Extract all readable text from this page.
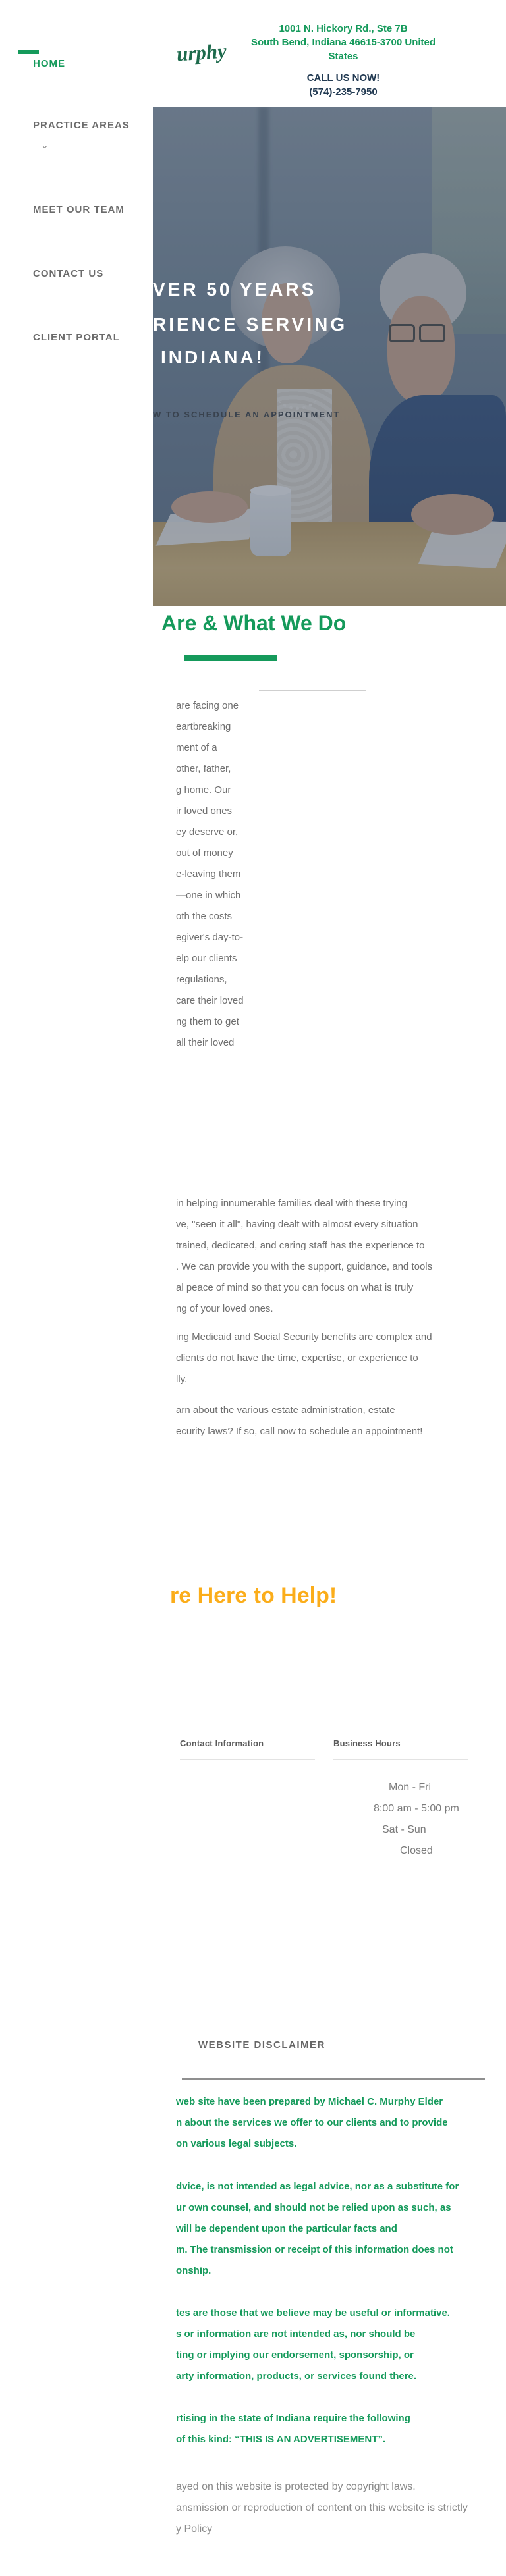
HOME
PRACTICE AREAS
⌄
MEET OUR TEAM
CONTACT US
CLIENT PORTAL
urphy
1001 N. Hickory Rd., Ste 7B
South Bend, Indiana 46615-3700 United
States
CALL US NOW!
(574)-235-7950
VER 50 YEARS
RIENCE SERVING
INDIANA!
W TO SCHEDULE AN APPOINTMENT
Are & What We Do
are facing one
eartbreaking
ment of a
other, father,
g home. Our
ir loved ones
ey deserve or,
out of money
e-leaving them
—one in which
oth the costs
egiver's day-to-
elp our clients
regulations,
care their loved
ng them to get
all their loved
in helping innumerable families deal with these trying
ve, "seen it all", having dealt with almost every situation
trained, dedicated, and caring staff has the experience to
. We can provide you with the support, guidance, and tools
al peace of mind so that you can focus on what is truly
ng of your loved ones.
ing Medicaid and Social Security benefits are complex and
clients do not have the time, expertise, or experience to
lly.
arn about the various estate administration, estate
ecurity laws? If so, call now to schedule an appointment!
re Here to Help!
Contact Information	Business Hours
Mon - Fri
8:00 am - 5:00 pm
Sat - Sun
Closed
WEBSITE DISCLAIMER
web site have been prepared by Michael C. Murphy Elder
n about the services we offer to our clients and to provide
on various legal subjects.
dvice, is not intended as legal advice, nor as a substitute for
ur own counsel, and should not be relied upon as such, as
will be dependent upon the particular facts and
m. The transmission or receipt of this information does not
onship.
tes are those that we believe may be useful or informative.
s or information are not intended as, nor should be
ting or implying our endorsement, sponsorship, or
arty information, products, or services found there.
rtising in the state of Indiana require the following
of this kind: “THIS IS AN ADVERTISEMENT”.
ayed on this website is protected by copyright laws.
ansmission or reproduction of content on this website is strictly
y Policy
